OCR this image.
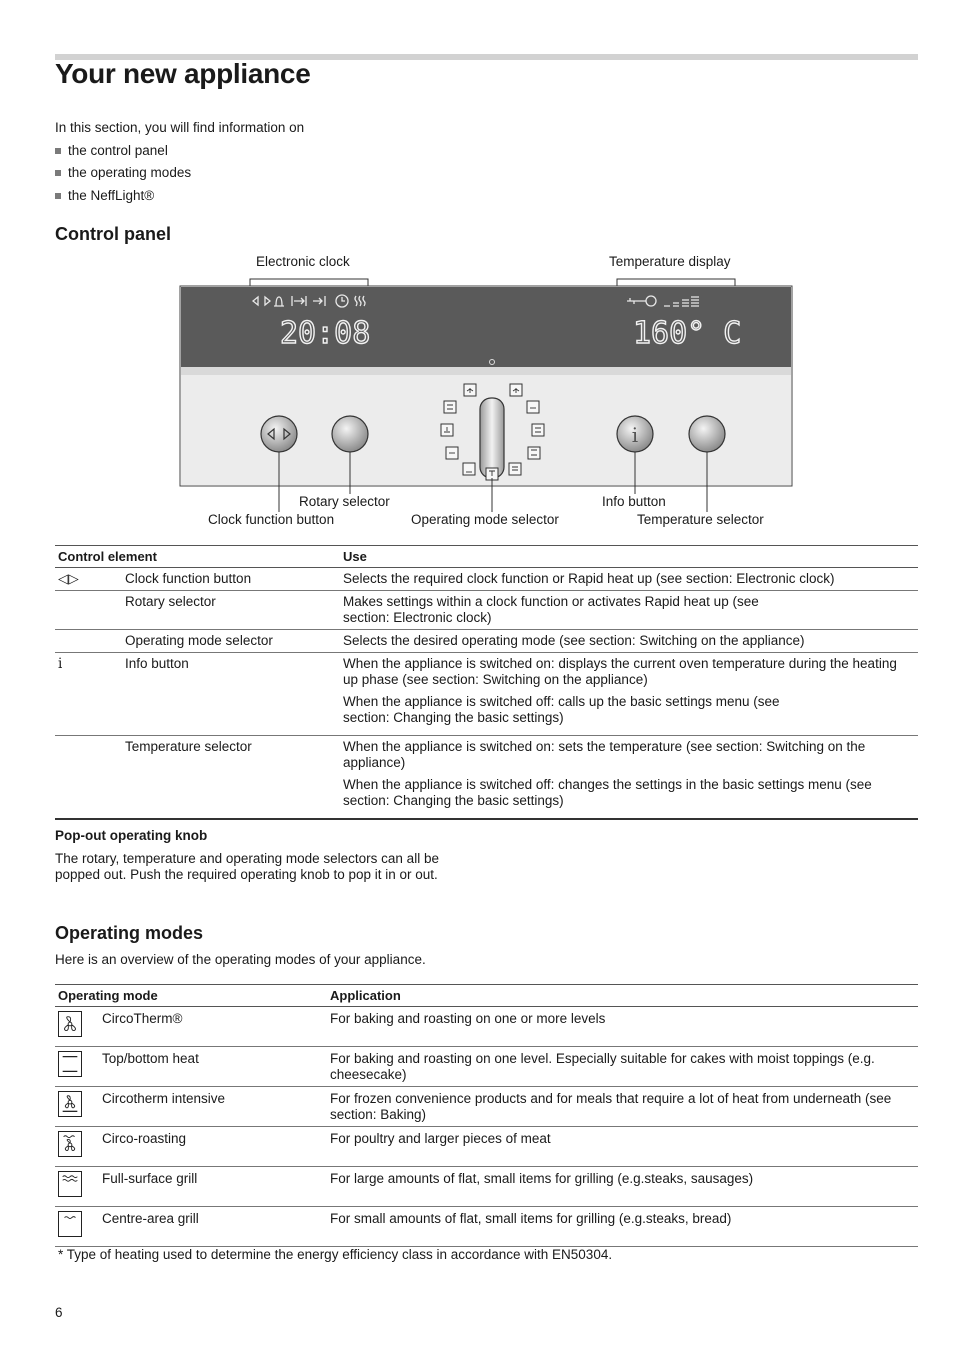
Your new appliance
In this section, you will find information on
the control panel
the operating modes
the NeffLight®
Control panel
Electronic clock	Temperature display
20:08	160° C
i
Rotary selector
Clock function button	Operating mode selector
Info button
Temperature selector
Control element		Use
◁▷	Clock function button	Selects the required clock function or Rapid heat up (see section: Electronic clock)
	Rotary selector	Makes settings within a clock function or activates Rapid heat up (see section: Electronic clock)
	Operating mode selector	Selects the desired operating mode (see section: Switching on the appliance)
i	Info button	When the appliance is switched on: displays the current oven temperature during the heating up phase (see section: Switching on the appliance)

When the appliance is switched off: calls up the basic settings menu (see section: Changing the basic settings)

	Temperature selector	When the appliance is switched on: sets the temperature (see section: Switching on the appliance)

When the appliance is switched off: changes the settings in the basic settings menu (see section: Changing the basic settings)

Pop-out operating knob
The rotary, temperature and operating mode selectors can all be popped out. Push the required operating knob to pop it in or out.
Operating modes
Here is an overview of the operating modes of your appliance.
Operating mode		Application

	CircoTherm®	For baking and roasting on one or more levels

	Top/bottom heat	For baking and roasting on one level. Especially suitable for cakes with moist toppings (e.g. cheesecake)

	Circotherm intensive	For frozen convenience products and for meals that require a lot of heat from underneath (see section: Baking)

	Circo-roasting	For poultry and larger pieces of meat

	Full-surface grill	For large amounts of flat, small items for grilling (e.g.steaks, sausages)

	Centre-area grill	For small amounts of flat, small items for grilling (e.g.steaks, bread)
* Type of heating used to determine the energy efficiency class in accordance with EN50304.
6
